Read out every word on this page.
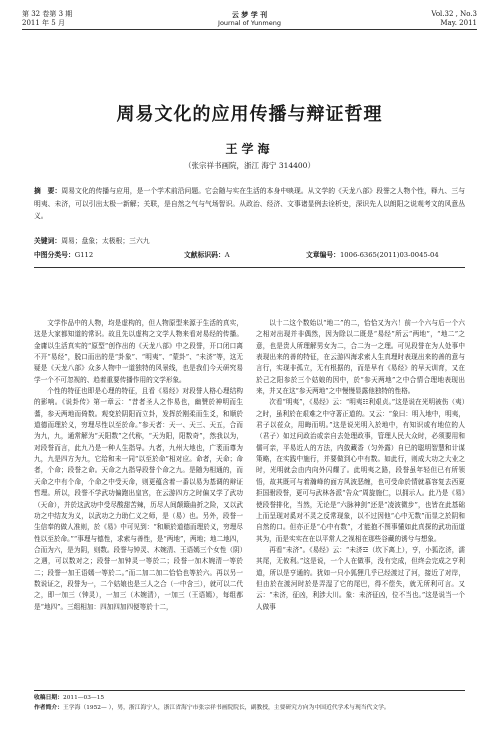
第 32 卷第 3 期
2011 年 5 月
云 梦 学 刊
Journal of Yunmeng
Vol.32 , No.3
May. 2011
周易文化的应用传播与辩证哲理
王学海
（张宗祥书画院，浙江 海宁 314400）
摘　要：周易文化的传播与应用，是一个学术前沿问题。它会随与实在生活的本身中映现。从文学的《天龙八部》段誉之人物个性，释九、三与明夷、未济，可以引出太极一新解；关联，是自然之气与气场智识。从政治、经济、文事诸显例去诠析史，深识先人以朗阳之说观考文的风意丛义。
关键词：周易；盘象；太极根；三六九
中图分类号：G112	文献标识码：A	文章编号：1006-6365(2011)03-0045-04

文学作品中的人物，均是虚构的，但人物原型来源于生活的真实，这是大家都知道的常识。故且先以虚构之文学人物来看对易经的传播。金庸以生活真实的“原型”创作出的《天龙八部》中之段誉，开口闭口离不开“易经”，脱口而出的是“卦象”、“明夷”、“蒙卦”、“未济”等，这无疑是《天龙八部》众多人物中一道独特的风景线，也是我们今天研究易学一个不可忽视的、趋着重要传播作用的文学形象。

个性的特征也即是心理的特征，且看《易经》对段誉人格心理结构的影响。《说卦传》第一章云：“昔者圣人之作易也，幽赞於神明而生蓍，参天两地而倚数。观变於阴阳而立卦，发挥於刚柔而生爻，和顺於道德而理於义，穷理尽性以至於命。”参天者：天一、天三、天五，合而为九，九，通常解为“天阳数”之代称，“天为阳，阳数奇”，然我以为，对段誉而言，此九乃是一种人生指导。九者，九州大地也，广袤而尊为九，九是四方为九，它给和未一同“以至於命”相对应。命者，天命；命者，个命；段誉之命。天命之九指导段誉个命之九。是随为相通的，而天命之中有个命，个命之中受天命，则更蕴含着一番以易为基调的辩证哲理。所以，段誉不学武功偏跑出皇宫，在云游四方之时偏又学了武功（天命），并於这武功中受尽酸甜苦辣，历尽人间颠簸曲折之险，又以武功之中结友为义，以武功之力助仁义之师，是（易）也。另外，段誉一生信奉的做人准则，於《易》中可见到：“和顺於道德而理於义，穷理尽性以至於命。”“事理与德性，求索与善性，是“两地”，两地；地二地四，合而为六，是为阴，则数。段誉与钟灵、木婉清、王语嫣三个女性（阴）之遇，可以数对之；段誉一加钟灵一等於二；段誉一加木婉清一等於二；段誉一加王语嫣一等於二。”而二加二加二恰恰也等於六。再以另一数说证之，段誉为一，二个姑娘也是三人之合（一中含三），就可以二代之，即一加三（钟灵），一加三（木婉清），一加三（王语嫣），每组都是“地四”。三组相加：四加四加四便等於十二，

以十二这个数始以“地二”的二，恰恰又为六！前一个六与后一个六之相对出现并非偶然，因为除以二既是“易经”所云“两地”，“地二”之意，也是贵人所理解男女为二，合二为一之理。可见段誉在为人处事中表现出来的善的特征，在云游四海求索人生真理时表现出来的善的意与言行，实现非孤立，无有根据的，而是早有《易经》的早天训育，又在於己之阳参於三个姑娘的因中，於“参天两地”之中合情合理地表现出来，并又在这“参天两地”之中慢慢显露他独特的性格。

次看“明夷”，《易经》云：“明夷☷利艰贞。”这是说在光明被伤（夷）之时，虽利於在艰难之中守著正道的。又云：“象曰：明入地中，明夷，君子以莅众，用晦而明。”这是说光明入於地中，有知识或有地位的人（君子）如过问政治或亲自去处理政事，管理人民大众时，必须要用和儒可亲，平易近人的方法，内敛藏香（匀外露）自已的聪明智慧和计谋策略，在实践中施行，并要做到心中有数。如此行，则成大功之大业之时，光明就会由内向外闪耀了。此明夷之路，段誉虽年轻但已有所领悟，故其既可与着瀚峰的面方风波恶缠，也可受命於情就慕容复去西夏拒国驸段誉，更可与武林各派“告众”周旋施仁，以拥示人。此乃是《易》使段誉排化，当然，无论是“六脉神剑”还是“凌波微步”，也皆在此基础上而呈现对奚对不灵之反常现象，以不过因他“心中无数”而显之於阴和自然的口。但亦正是“心中有数”，才能抱不图事懂如此真探的武功而道其为，而是实实在在以平常人之视相在那些谷藏的诱兮与想象。

再看“未济”。《易经》云：“未济☲（坎下离上），亨，小狐汔济，濡其尾，无攸利。”这是说，一个人在做事，没有完成，但终会完成之亨利道，所以是亨通的。犹如一只小狐狸几乎已经渡过了河，接近了对岸，但由於在渡河时於是弄湿了它的尾巴，得不偿失，就无所利可言。又云：“未济，征凶，利涉大川。象：未济征凶，位不当也。”这是说当一个人做事

收稿日期：2011—03—15
作者简介：王学海（1952— ），男，浙江海宁人，浙江省海宁市张宗祥书画院院长，副教授，主要研究方向为中国近代学术与现当代文学。
